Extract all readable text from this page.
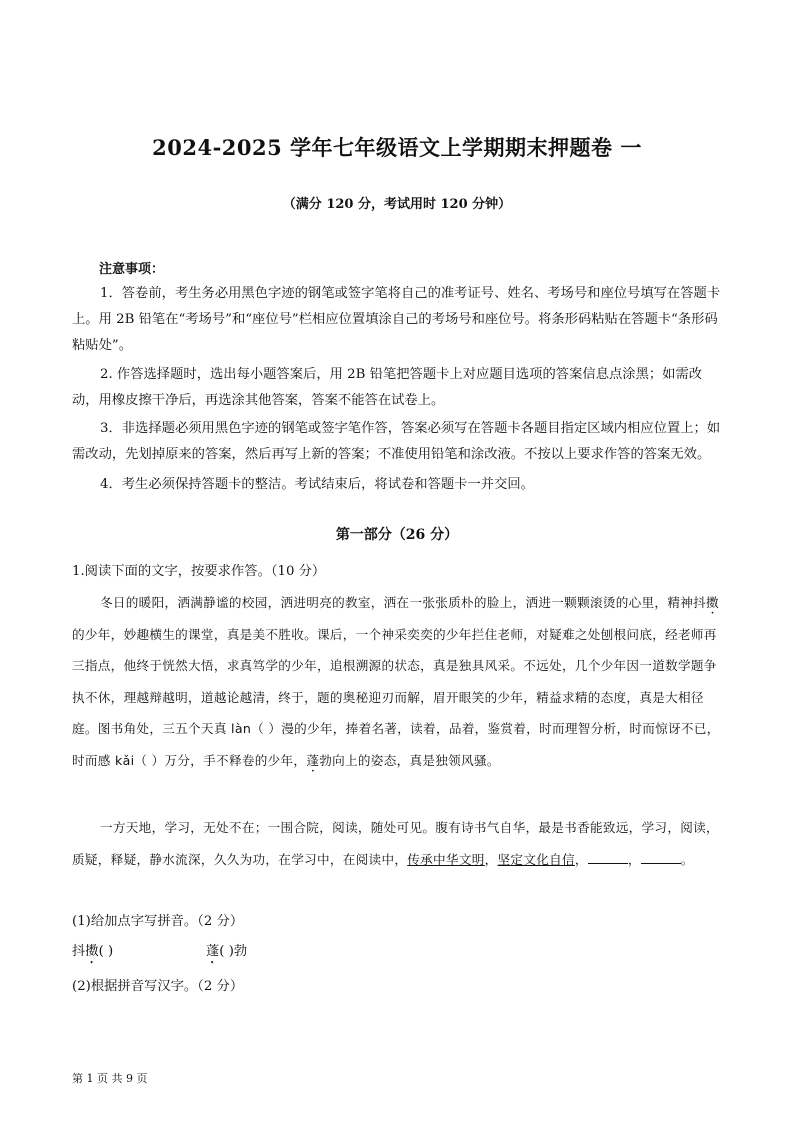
2024-2025 学年七年级语文上学期期末押题卷 一
（满分 120 分，考试用时 120 分钟）
注意事项：
1．答卷前，考生务必用黑色字迹的钢笔或签字笔将自己的准考证号、姓名、考场号和座位号填写在答题卡上。用 2B 铅笔在“考场号”和“座位号”栏相应位置填涂自己的考场号和座位号。将条形码粘贴在答题卡“条形码粘贴处”。
2. 作答选择题时，选出每小题答案后，用 2B 铅笔把答题卡上对应题目选项的答案信息点涂黑；如需改动，用橡皮擦干净后，再选涂其他答案，答案不能答在试卷上。
3．非选择题必须用黑色字迹的钢笔或签字笔作答，答案必须写在答题卡各题目指定区域内相应位置上；如需改动，先划掉原来的答案，然后再写上新的答案；不准使用铅笔和涂改液。不按以上要求作答的答案无效。
4．考生必须保持答题卡的整洁。考试结束后，将试卷和答题卡一并交回。
第一部分（26 分）
1.阅读下面的文字，按要求作答。（10 分）
冬日的暖阳，洒满静谧的校园，洒进明亮的教室，洒在一张张质朴的脸上，洒进一颗颗滚烫的心里，精神抖擞的少年，妙趣横生的课堂，真是美不胜收。课后，一个神采奕奕的少年拦住老师，对疑难之处刨根问底，经老师再三指点，他终于恍然大悟，求真笃学的少年，追根溯源的状态，真是独具风采。不远处，几个少年因一道数学题争执不休，理越辩越明，道越论越清，终于，题的奥秘迎刃而解，眉开眼笑的少年，精益求精的态度，真是大相径庭。图书角处，三五个天真 làn（ ）漫的少年，捧着名著，读着，品着，鉴赏着，时而理智分析，时而惊讶不已，时而感 kǎi（ ）万分，手不释卷的少年，蓬勃向上的姿态，真是独领风骚。
一方天地，学习，无处不在；一围合院，阅读，随处可见。腹有诗书气自华，最是书香能致远，学习，阅读，质疑，释疑，静水流深，久久为功，在学习中，在阅读中，传承中华文明，坚定文化自信，	，	。
(1)给加点字写拼音。（2 分）
抖擞( )	蓬( )勃
(2)根据拼音写汉字。（2 分）
第 1 页 共 9 页
